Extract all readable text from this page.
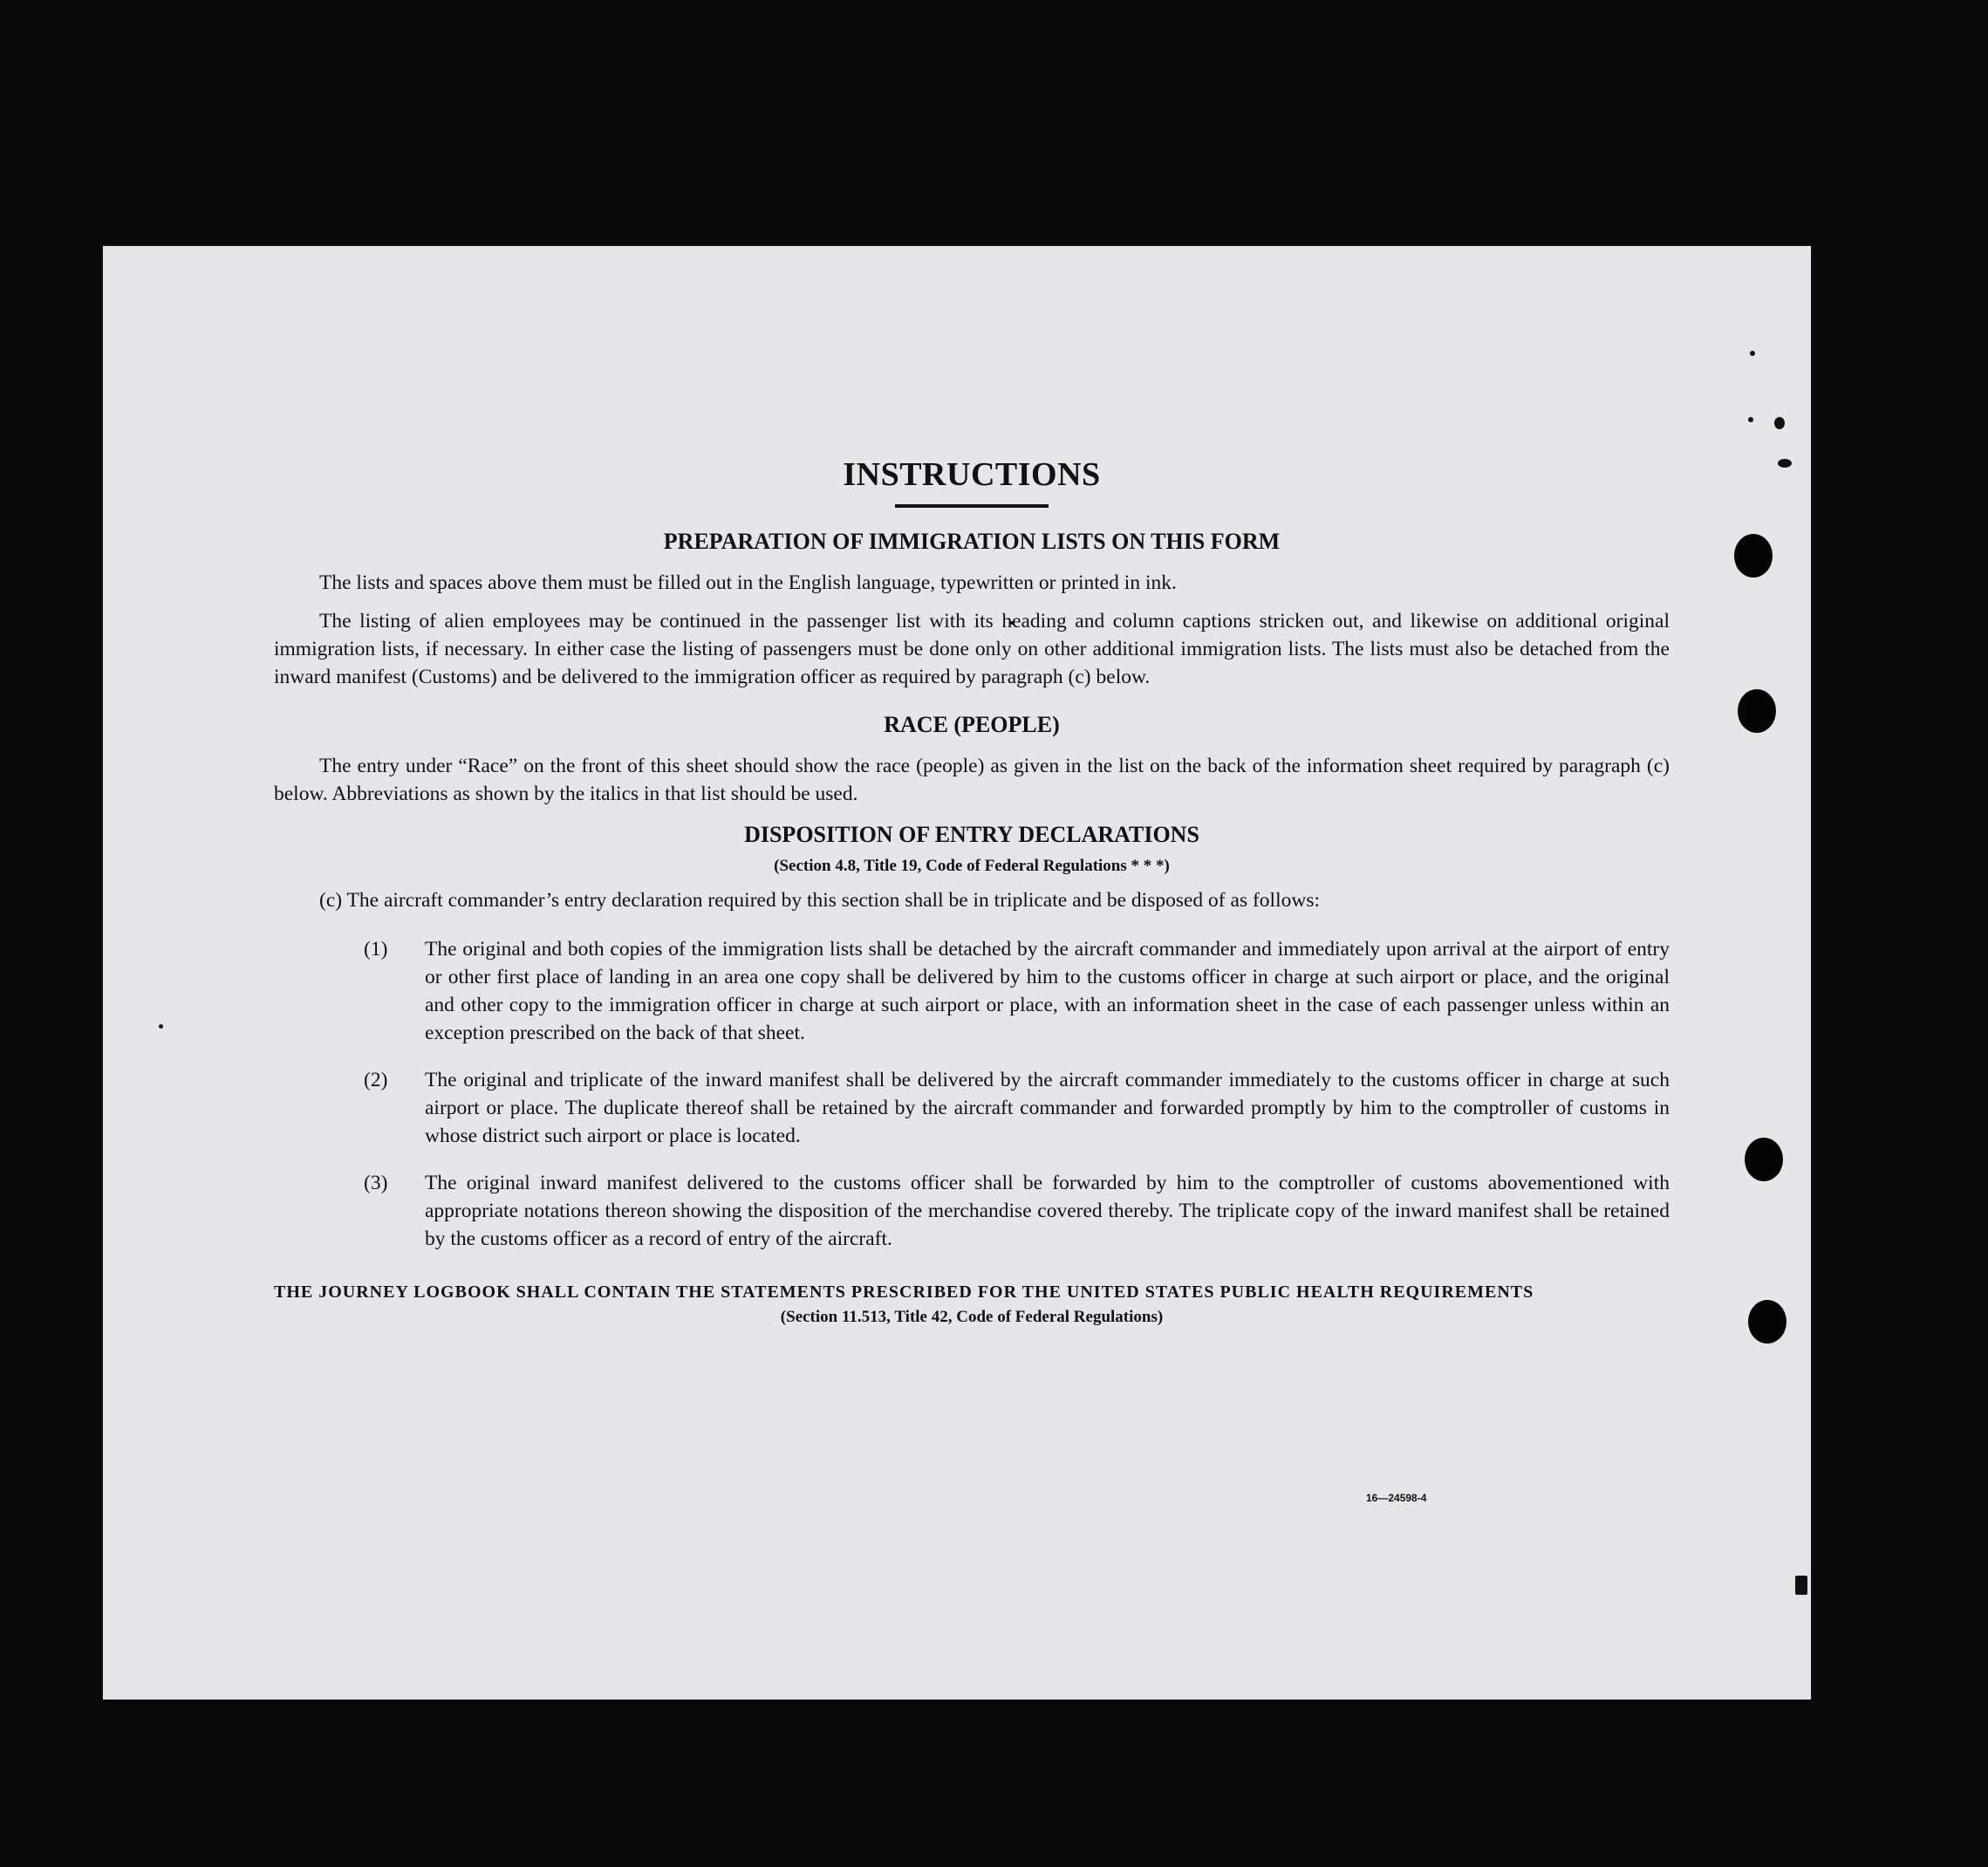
INSTRUCTIONS
PREPARATION OF IMMIGRATION LISTS ON THIS FORM

The lists and spaces above them must be filled out in the English language, typewritten or printed in ink.

The listing of alien employees may be continued in the passenger list with its heading and column captions stricken out, and likewise on additional original immigration lists, if necessary. In either case the listing of passengers must be done only on other additional immigration lists. The lists must also be detached from the inward manifest (Customs) and be delivered to the immigration officer as required by paragraph (c) below.

RACE (PEOPLE)

The entry under “Race” on the front of this sheet should show the race (people) as given in the list on the back of the information sheet required by paragraph (c) below. Abbreviations as shown by the italics in that list should be used.

DISPOSITION OF ENTRY DECLARATIONS
(Section 4.8, Title 19, Code of Federal Regulations * * *)

(c) The aircraft commander’s entry declaration required by this section shall be in triplicate and be disposed of as follows:

(1) The original and both copies of the immigration lists shall be detached by the aircraft commander and immediately upon arrival at the airport of entry or other first place of landing in an area one copy shall be delivered by him to the customs officer in charge at such airport or place, and the original and other copy to the immigration officer in charge at such airport or place, with an information sheet in the case of each passenger unless within an exception prescribed on the back of that sheet.
(2) The original and triplicate of the inward manifest shall be delivered by the aircraft commander immediately to the customs officer in charge at such airport or place. The duplicate thereof shall be retained by the aircraft commander and forwarded promptly by him to the comptroller of customs in whose district such airport or place is located.
(3) The original inward manifest delivered to the customs officer shall be forwarded by him to the comptroller of customs abovementioned with appropriate notations thereon showing the disposition of the merchandise covered thereby. The triplicate copy of the inward manifest shall be retained by the customs officer as a record of entry of the aircraft.
THE JOURNEY LOGBOOK SHALL CONTAIN THE STATEMENTS PRESCRIBED FOR THE UNITED STATES PUBLIC HEALTH REQUIREMENTS
(Section 11.513, Title 42, Code of Federal Regulations)
16—24598-4
